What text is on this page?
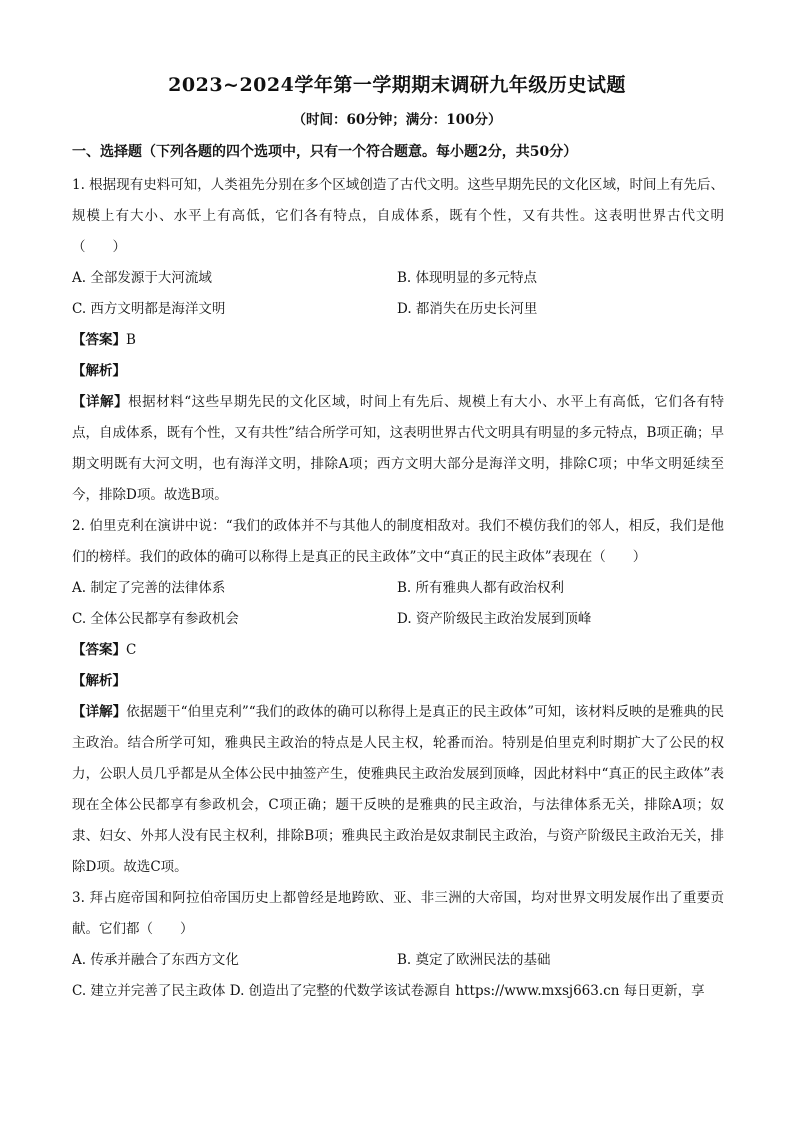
2023~2024学年第一学期期末调研九年级历史试题
（时间：60分钟；满分：100分）
一、选择题（下列各题的四个选项中，只有一个符合题意。每小题2分，共50分）

1. 根据现有史料可知，人类祖先分别在多个区域创造了古代文明。这些早期先民的文化区域，时间上有先后、规模上有大小、水平上有高低，它们各有特点，自成体系，既有个性，又有共性。这表明世界古代文明（　　）

A. 全部发源于大河流域	B. 体现明显的多元特点
C. 西方文明都是海洋文明	D. 都消失在历史长河里
【答案】B
【解析】

【详解】根据材料“这些早期先民的文化区域，时间上有先后、规模上有大小、水平上有高低，它们各有特点，自成体系，既有个性，又有共性”结合所学可知，这表明世界古代文明具有明显的多元特点，B项正确；早期文明既有大河文明，也有海洋文明，排除A项；西方文明大部分是海洋文明，排除C项；中华文明延续至今，排除D项。故选B项。

2. 伯里克利在演讲中说：“我们的政体并不与其他人的制度相敌对。我们不模仿我们的邻人，相反，我们是他们的榜样。我们的政体的确可以称得上是真正的民主政体”文中“真正的民主政体”表现在（　　）

A. 制定了完善的法律体系	B. 所有雅典人都有政治权利
C. 全体公民都享有参政机会	D. 资产阶级民主政治发展到顶峰
【答案】C
【解析】

【详解】依据题干“伯里克利”“我们的政体的确可以称得上是真正的民主政体”可知，该材料反映的是雅典的民主政治。结合所学可知，雅典民主政治的特点是人民主权，轮番而治。特别是伯里克利时期扩大了公民的权力，公职人员几乎都是从全体公民中抽签产生，使雅典民主政治发展到顶峰，因此材料中“真正的民主政体”表现在全体公民都享有参政机会，C项正确；题干反映的是雅典的民主政治，与法律体系无关，排除A项；奴隶、妇女、外邦人没有民主权利，排除B项；雅典民主政治是奴隶制民主政治，与资产阶级民主政治无关，排除D项。故选C项。

3. 拜占庭帝国和阿拉伯帝国历史上都曾经是地跨欧、亚、非三洲的大帝国，均对世界文明发展作出了重要贡献。它们都（　　）

A. 传承并融合了东西方文化	B. 奠定了欧洲民法的基础
C. 建立并完善了民主政体 D. 创造出了完整的代数学该试卷源自 https://www.mxsj663.cn 每日更新，享
